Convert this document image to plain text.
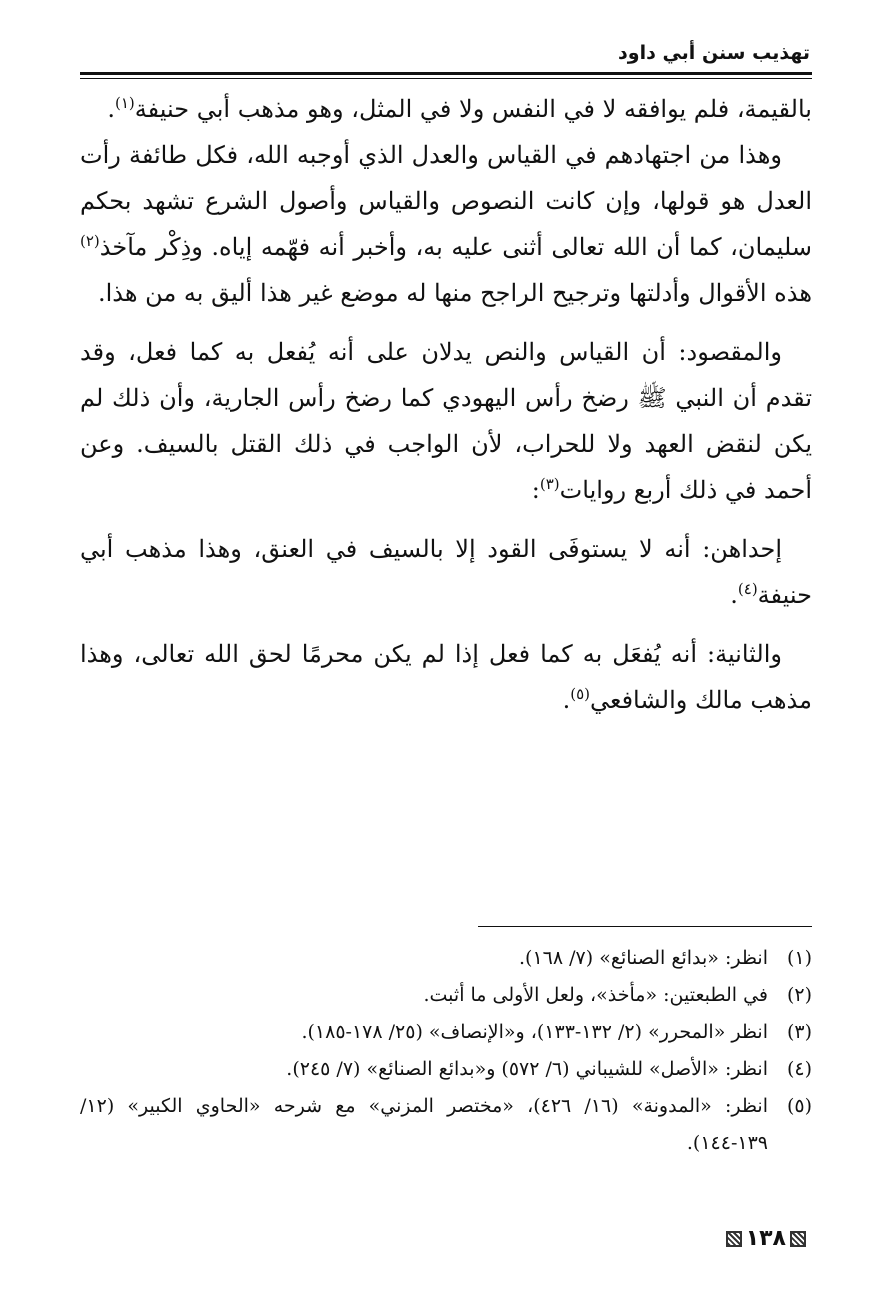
تهذيب سنن أبي داود

بالقيمة، فلم يوافقه لا في النفس ولا في المثل، وهو مذهب أبي حنيفة$^{(١)}$.

وهذا من اجتهادهم في القياس والعدل الذي أوجبه الله، فكل طائفة رأت العدل هو قولها، وإن كانت النصوص والقياس وأصول الشرع تشهد بحكم سليمان، كما أن الله تعالى أثنى عليه به، وأخبر أنه فهّمه إياه. وذِكْر مآخذ$^{(٢)}$ هذه الأقوال وأدلتها وترجيح الراجح منها له موضع غير هذا أليق به من هذا.

والمقصود: أن القياس والنص يدلان على أنه يُفعل به كما فعل، وقد تقدم أن النبي ﷺ رضخ رأس اليهودي كما رضخ رأس الجارية، وأن ذلك لم يكن لنقض العهد ولا للحراب، لأن الواجب في ذلك القتل بالسيف. وعن أحمد في ذلك أربع روايات$^{(٣)}$:

إحداهن: أنه لا يستوفَى القود إلا بالسيف في العنق، وهذا مذهب أبي حنيفة$^{(٤)}$.

والثانية: أنه يُفعَل به كما فعل إذا لم يكن محرمًا لحق الله تعالى، وهذا مذهب مالك والشافعي$^{(٥)}$.

(١)
انظر: «بدائع الصنائع» (٧/ ١٦٨).
(٢)
في الطبعتين: «مأخذ»، ولعل الأولى ما أثبت.
(٣)
انظر «المحرر» (٢/ ١٣٢-١٣٣)، و«الإنصاف» (٢٥/ ١٧٨-١٨٥).
(٤)
انظر: «الأصل» للشيباني (٦/ ٥٧٢) و«بدائع الصنائع» (٧/ ٢٤٥).
(٥)
انظر: «المدونة» (١٦/ ٤٢٦)، «مختصر المزني» مع شرحه «الحاوي الكبير» (١٢/ ١٣٩-١٤٤).
١٣٨
